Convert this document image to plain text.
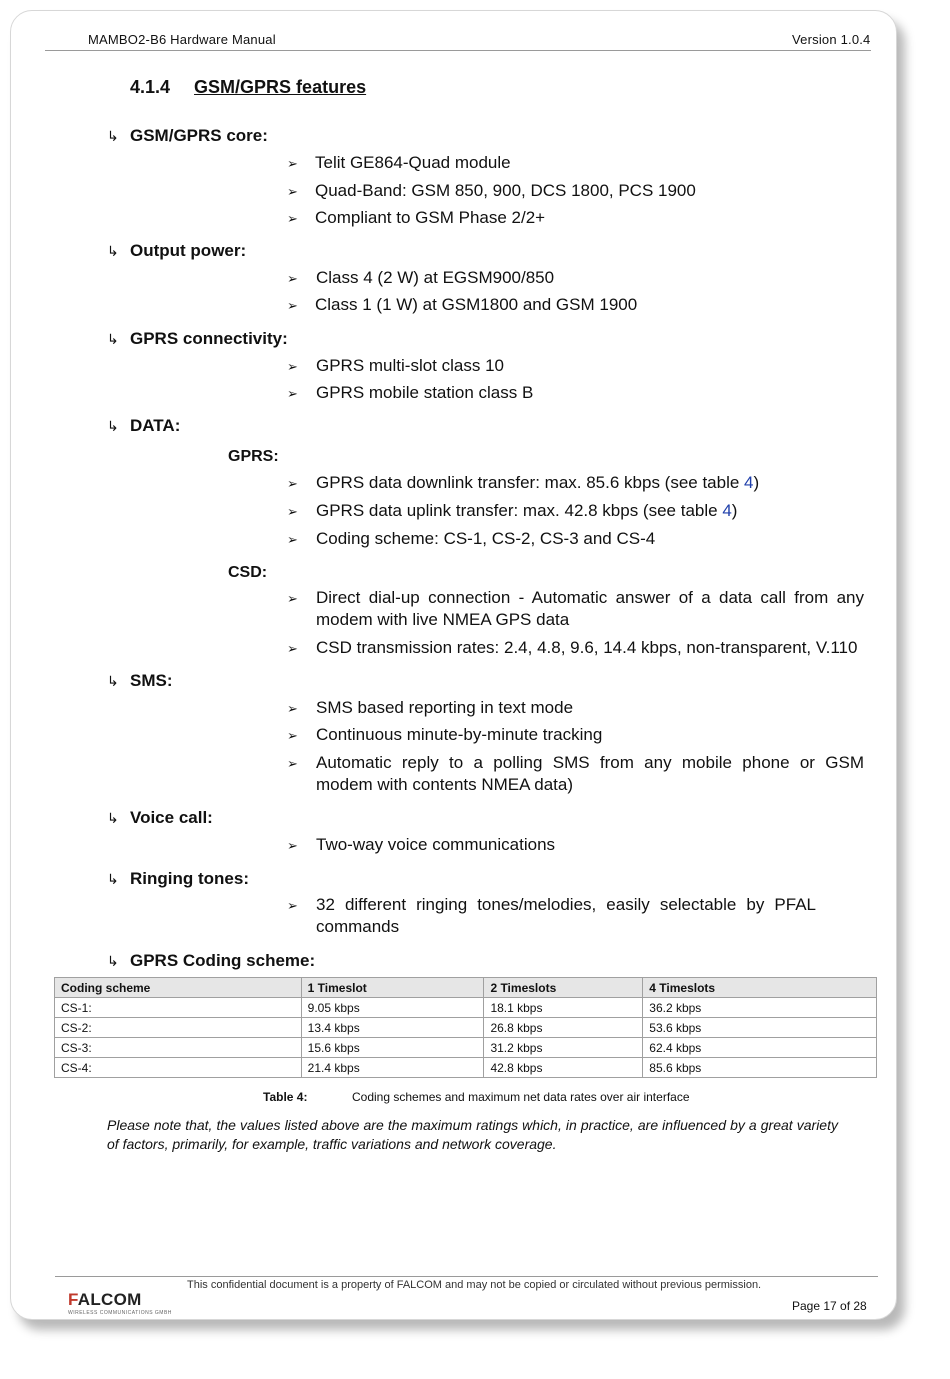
MAMBO2-B6 Hardware Manual	Version 1.0.4
4.1.4 GSM/GPRS features
↳ GSM/GPRS core:
➢ Telit GE864-Quad module
➢ Quad-Band: GSM 850, 900, DCS 1800, PCS 1900
➢ Compliant to GSM Phase 2/2+
↳ Output power:
➢ Class 4 (2 W) at EGSM900/850
➢ Class 1 (1 W) at GSM1800 and GSM 1900
↳ GPRS connectivity:
➢ GPRS multi-slot class 10
➢ GPRS mobile station class B
↳ DATA:
GPRS:
➢ GPRS data downlink transfer: max. 85.6 kbps (see table 4)
➢ GPRS data uplink transfer: max. 42.8 kbps (see table 4)
➢ Coding scheme: CS-1, CS-2, CS-3 and CS-4
CSD:
➢ Direct dial-up connection - Automatic answer of a data call from any modem with live NMEA GPS data
➢ CSD transmission rates: 2.4, 4.8, 9.6, 14.4 kbps, non-transparent, V.110
↳ SMS:
➢ SMS based reporting in text mode
➢ Continuous minute-by-minute tracking
➢ Automatic reply to a polling SMS from any mobile phone or GSM modem with contents NMEA data)
↳ Voice call:
➢ Two-way voice communications
↳ Ringing tones:
➢ 32 different ringing tones/melodies, easily selectable by PFAL commands
↳ GPRS Coding scheme:
Coding scheme	1 Timeslot	2 Timeslots	4 Timeslots
CS-1:	9.05 kbps	18.1 kbps	36.2 kbps
CS-2:	13.4 kbps	26.8 kbps	53.6 kbps
CS-3:	15.6 kbps	31.2 kbps	62.4 kbps
CS-4:	21.4 kbps	42.8 kbps	85.6 kbps
Table 4:	Coding schemes and maximum net data rates over air interface
Please note that, the values listed above are the maximum ratings which, in practice, are influenced by a great variety of factors, primarily, for example, traffic variations and network coverage.
This confidential document is a property of FALCOM and may not be copied or circulated without previous permission.
FALCOM
WIRELESS COMMUNICATIONS GMBH	Page 17 of 28
